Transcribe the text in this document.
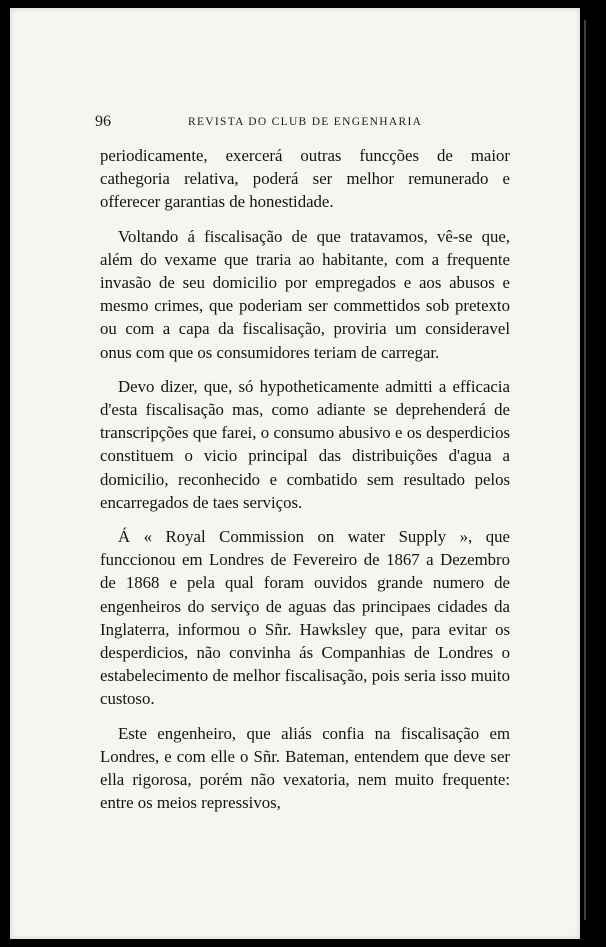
96	REVISTA DO CLUB DE ENGENHARIA

periodicamente, exercerá outras funcções de maior cathegoria relativa, poderá ser melhor remunerado e offerecer garantias de honestidade.

Voltando á fiscalisação de que tratavamos, vê-se que, além do vexame que traria ao habitante, com a frequente invasão de seu domicilio por empregados e aos abusos e mesmo crimes, que poderiam ser commettidos sob pretexto ou com a capa da fiscalisação, proviria um consideravel onus com que os consumidores teriam de carregar.

Devo dizer, que, só hypotheticamente admitti a efficacia d'esta fiscalisação mas, como adiante se deprehenderá de transcripções que farei, o consumo abusivo e os desperdicios constituem o vicio principal das distribuições d'agua a domicilio, reconhecido e combatido sem resultado pelos encarregados de taes serviços.

Á « Royal Commission on water Supply », que funccionou em Londres de Fevereiro de 1867 a Dezembro de 1868 e pela qual foram ouvidos grande numero de engenheiros do serviço de aguas das principaes cidades da Inglaterra, informou o Sñr. Hawksley que, para evitar os desperdicios, não convinha ás Companhias de Londres o estabelecimento de melhor fiscalisação, pois seria isso muito custoso.

Este engenheiro, que aliás confia na fiscalisação em Londres, e com elle o Sñr. Bateman, entendem que deve ser ella rigorosa, porém não vexatoria, nem muito frequente: entre os meios repressivos,
